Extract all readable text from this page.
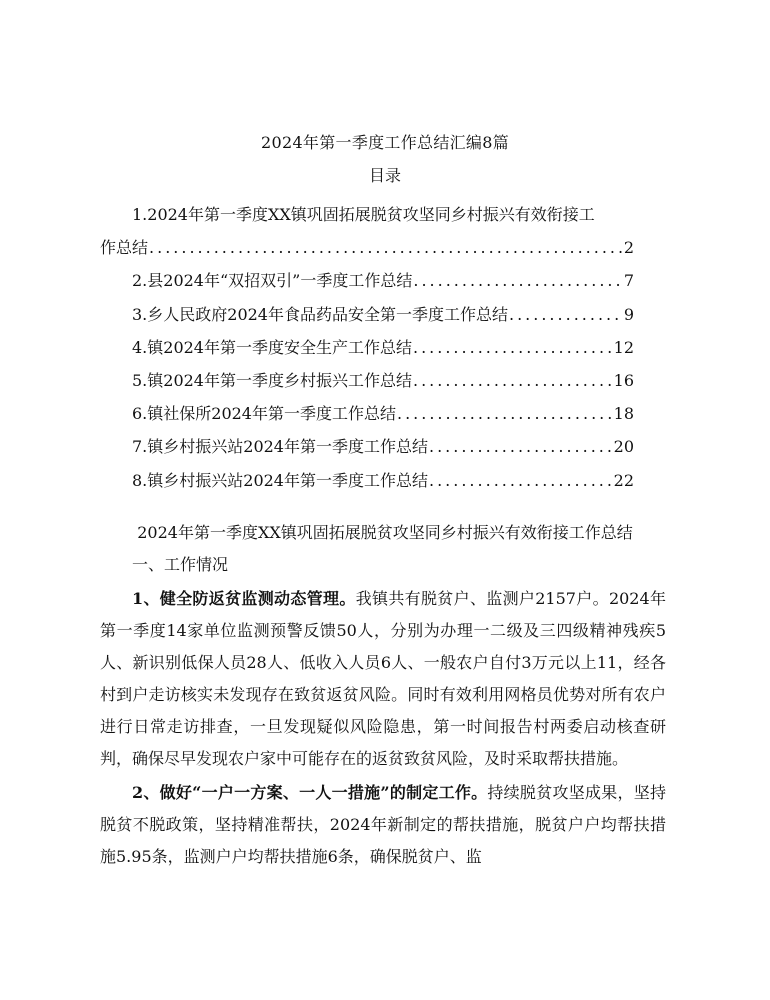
2024年第一季度工作总结汇编8篇
目录
1.2024年第一季度XX镇巩固拓展脱贫攻坚同乡村振兴有效衔接工
作总结 .....	2
2.县2024年“双招双引”一季度工作总结 .....	7
3.乡人民政府2024年食品药品安全第一季度工作总结 .....	9
4.镇2024年第一季度安全生产工作总结 .....	12
5.镇2024年第一季度乡村振兴工作总结 .....	16
6.镇社保所2024年第一季度工作总结 .....	18
7.镇乡村振兴站2024年第一季度工作总结 .....	20
8.镇乡村振兴站2024年第一季度工作总结 .....	22
2024年第一季度XX镇巩固拓展脱贫攻坚同乡村振兴有效衔接工作总结
一、工作情况

1、健全防返贫监测动态管理。我镇共有脱贫户、监测户2157户。2024年第一季度14家单位监测预警反馈50人，分别为办理一二级及三四级精神残疾5人、新识别低保人员28人、低收入人员6人、一般农户自付3万元以上11，经各村到户走访核实未发现存在致贫返贫风险。同时有效利用网格员优势对所有农户进行日常走访排查，一旦发现疑似风险隐患，第一时间报告村两委启动核查研判，确保尽早发现农户家中可能存在的返贫致贫风险，及时采取帮扶措施。

2、做好“一户一方案、一人一措施”的制定工作。持续脱贫攻坚成果，坚持脱贫不脱政策，坚持精准帮扶，2024年新制定的帮扶措施，脱贫户户均帮扶措施5.95条，监测户户均帮扶措施6条，确保脱贫户、监
